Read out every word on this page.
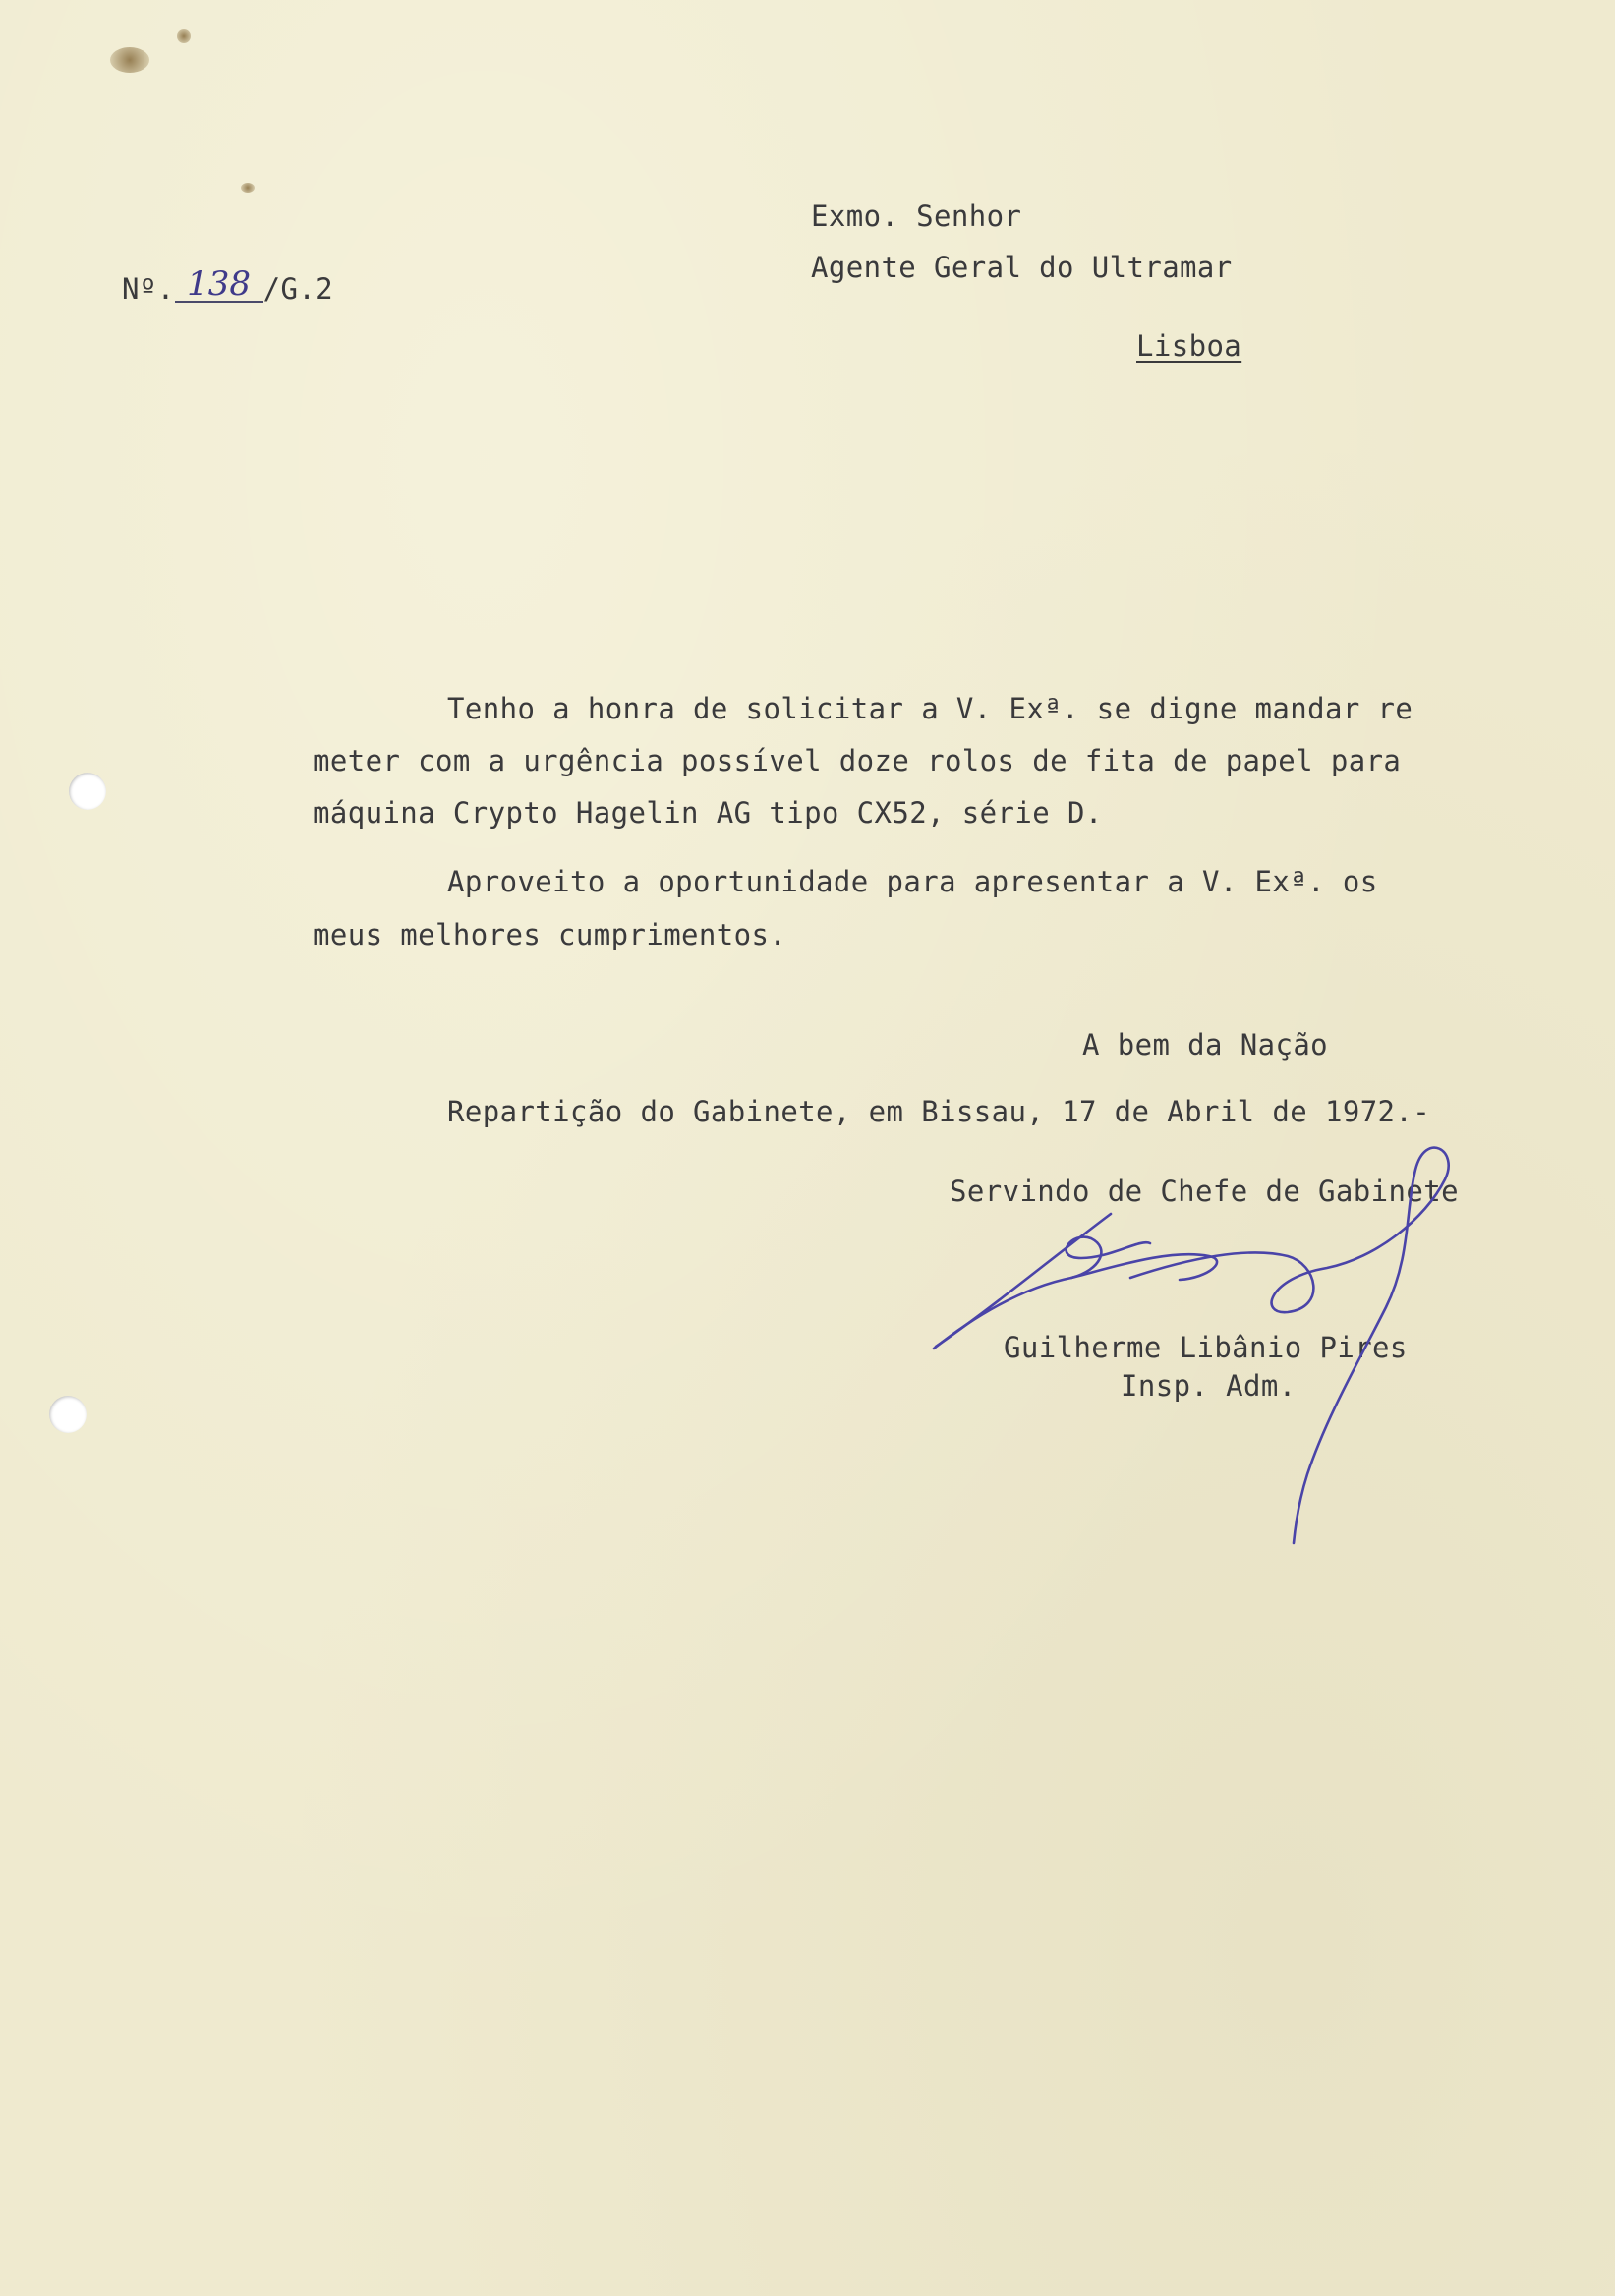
Nº. 138 /G.2
Exmo. Senhor
Agente Geral do Ultramar
Lisboa
Tenho a honra de solicitar a V. Exª. se digne mandar re
meter com a urgência possível doze rolos de fita de papel para
máquina Crypto Hagelin AG tipo CX52, série D.
Aproveito a oportunidade para apresentar a V. Exª. os
meus melhores cumprimentos.
A bem da Nação
Repartição do Gabinete, em Bissau, 17 de Abril de 1972.-
Servindo de Chefe de Gabinete
Guilherme Libânio Pires
Insp. Adm.
